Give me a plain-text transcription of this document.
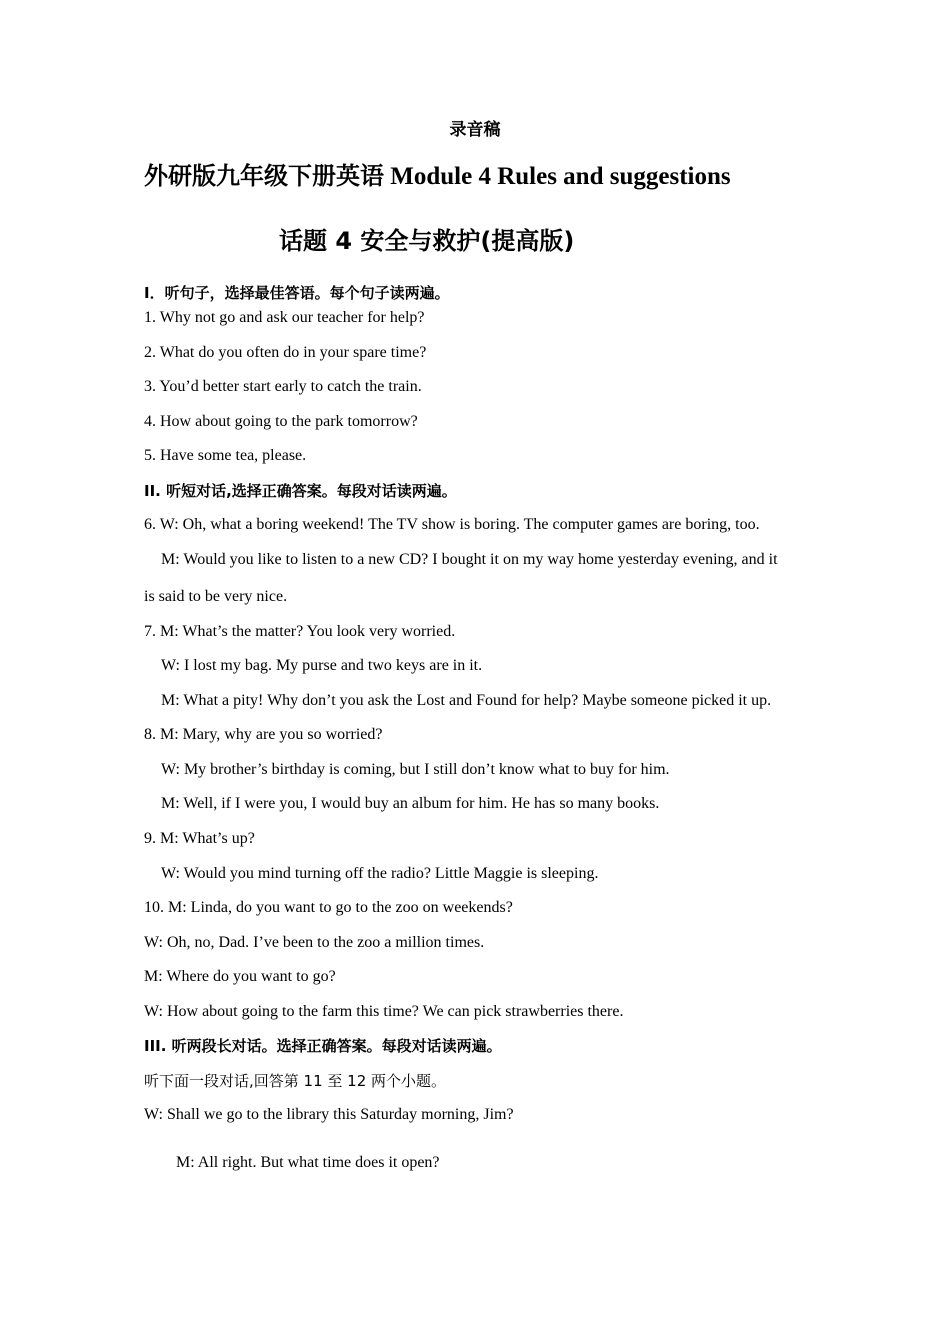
录音稿
外研版九年级下册英语 Module 4 Rules and suggestions
话题 4 安全与救护(提高版)
I．听句子，选择最佳答语。每个句子读两遍。
1. Why not go and ask our teacher for help?
2. What do you often do in your spare time?
3. You’d better start early to catch the train.
4. How about going to the park tomorrow?
5. Have some tea, please.
II. 听短对话,选择正确答案。每段对话读两遍。
6. W: Oh, what a boring weekend! The TV show is boring. The computer games are boring, too.
M: Would you like to listen to a new CD? I bought it on my way home yesterday evening, and it
is said to be very nice.
7. M: What’s the matter? You look very worried.
W: I lost my bag. My purse and two keys are in it.
M: What a pity! Why don’t you ask the Lost and Found for help? Maybe someone picked it up.
8. M: Mary, why are you so worried?
W: My brother’s birthday is coming, but I still don’t know what to buy for him.
M: Well, if I were you, I would buy an album for him. He has so many books.
9. M: What’s up?
W: Would you mind turning off the radio? Little Maggie is sleeping.
10. M: Linda, do you want to go to the zoo on weekends?
W: Oh, no, Dad. I’ve been to the zoo a million times.
M: Where do you want to go?
W: How about going to the farm this time? We can pick strawberries there.
III. 听两段长对话。选择正确答案。每段对话读两遍。
听下面一段对话,回答第 11 至 12 两个小题。
W: Shall we go to the library this Saturday morning, Jim?
M: All right. But what time does it open?
